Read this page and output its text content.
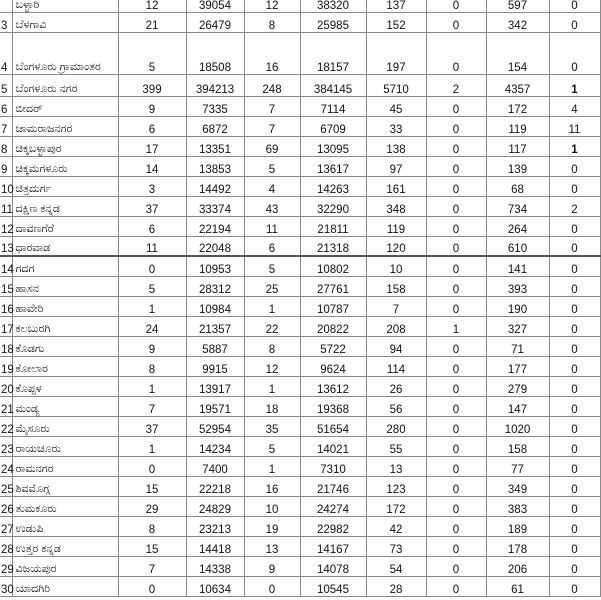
	ಬಳ್ಳಾರಿ	12	39054	12	38320	137	0	597	0
3	ಬೆಳಗಾವಿ	21	26479	8	25985	152	0	342	0
4	ಬೆಂಗಳೂರು ಗ್ರಾಮಾಂತರ	5	18508	16	18157	197	0	154	0
5	ಬೆಂಗಳೂರು ನಗರ	399	394213	248	384145	5710	2	4357	1
6	ಬೀದರ್	9	7335	7	7114	45	0	172	4
7	ಚಾಮರಾಜನಗರ	6	6872	7	6709	33	0	119	11
8	ಚಿಕ್ಕಬಳ್ಳಾಪುರ	17	13351	69	13095	138	0	117	1
9	ಚಿಕ್ಕಮಗಳೂರು	14	13853	5	13617	97	0	139	0
10	ಚಿತ್ರದುರ್ಗ	3	14492	4	14263	161	0	68	0
11	ದಕ್ಷಿಣ ಕನ್ನಡ	37	33374	43	32290	348	0	734	2
12	ದಾವಣಗೆರೆ	6	22194	11	21811	119	0	264	0
13	ಧಾರವಾಡ	11	22048	6	21318	120	0	610	0
14	ಗದಗ	0	10953	5	10802	10	0	141	0
15	ಹಾಸನ	5	28312	25	27761	158	0	393	0
16	ಹಾವೇರಿ	1	10984	1	10787	7	0	190	0
17	ಕಲಬುರಗಿ	24	21357	22	20822	208	1	327	0
18	ಕೊಡಗು	9	5887	8	5722	94	0	71	0
19	ಕೋಲಾರ	8	9915	12	9624	114	0	177	0
20	ಕೊಪ್ಪಳ	1	13917	1	13612	26	0	279	0
21	ಮಂಡ್ಯ	7	19571	18	19368	56	0	147	0
22	ಮೈಸೂರು	37	52954	35	51654	280	0	1020	0
23	ರಾಯಚೂರು	1	14234	5	14021	55	0	158	0
24	ರಾಮನಗರ	0	7400	1	7310	13	0	77	0
25	ಶಿವಮೊಗ್ಗ	15	22218	16	21746	123	0	349	0
26	ತುಮಕೂರು	29	24829	10	24274	172	0	383	0
27	ಉಡುಪಿ	8	23213	19	22982	42	0	189	0
28	ಉತ್ತರ ಕನ್ನಡ	15	14418	13	14167	73	0	178	0
29	ವಿಜಯಪುರ	7	14338	9	14078	54	0	206	0
30	ಯಾದಗಿರಿ	0	10634	0	10545	28	0	61	0
